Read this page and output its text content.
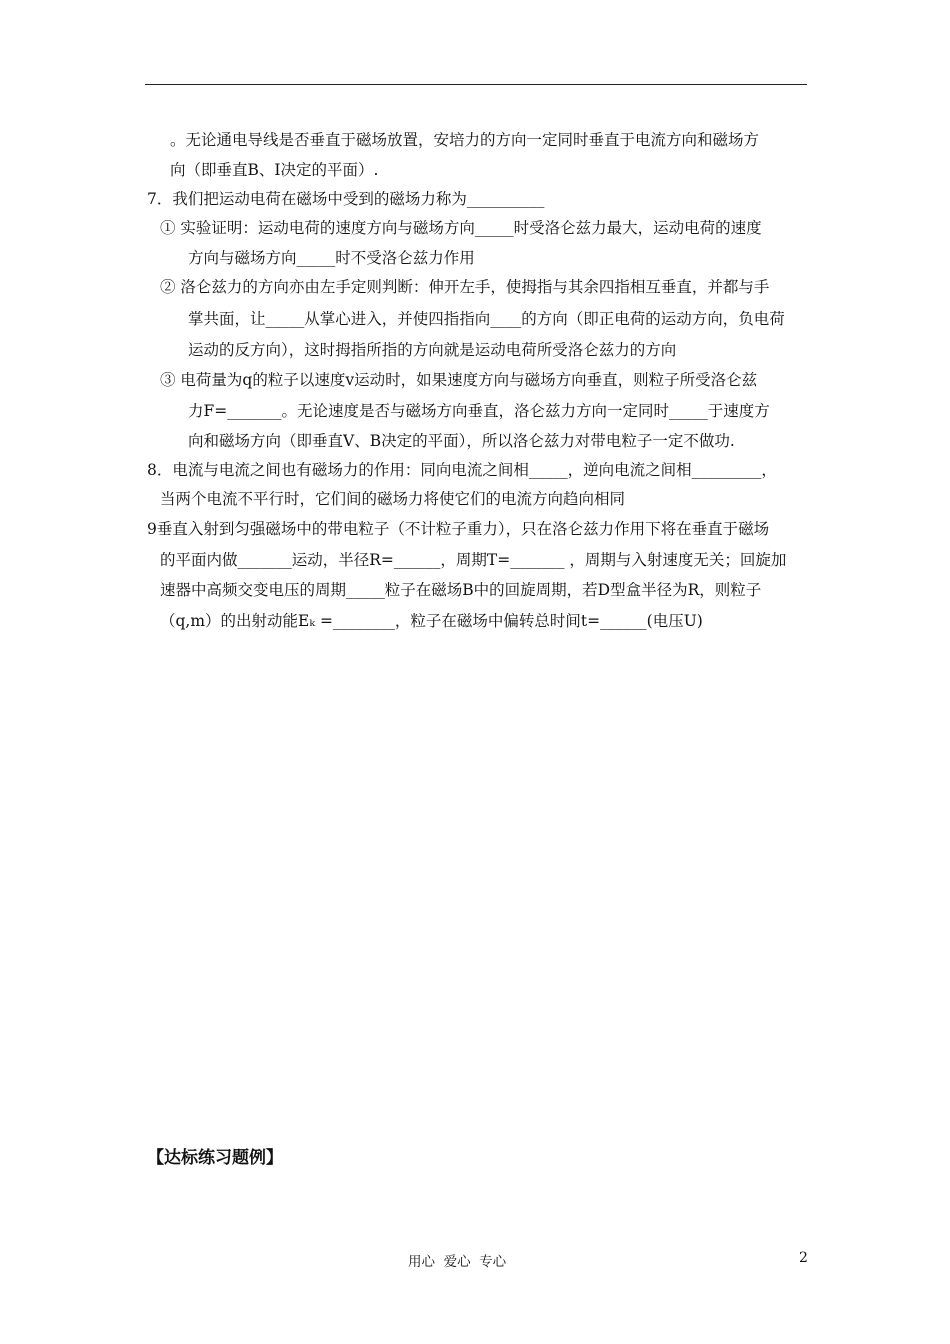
。无论通电导线是否垂直于磁场放置，安培力的方向一定同时垂直于电流方向和磁场方
向（即垂直B、I决定的平面）.
7．我们把运动电荷在磁场中受到的磁场力称为__________
① 实验证明：运动电荷的速度方向与磁场方向_____时受洛仑兹力最大，运动电荷的速度
方向与磁场方向_____时不受洛仑兹力作用
② 洛仑兹力的方向亦由左手定则判断：伸开左手，使拇指与其余四指相互垂直，并都与手
掌共面，让_____从掌心进入，并使四指指向____的方向（即正电荷的运动方向，负电荷
运动的反方向），这时拇指所指的方向就是运动电荷所受洛仑兹力的方向
③ 电荷量为q的粒子以速度v运动时，如果速度方向与磁场方向垂直，则粒子所受洛仑兹
力F=_______。无论速度是否与磁场方向垂直，洛仑兹力方向一定同时_____于速度方
向和磁场方向（即垂直V、B决定的平面），所以洛仑兹力对带电粒子一定不做功.
8．电流与电流之间也有磁场力的作用：同向电流之间相_____，逆向电流之间相_________，
当两个电流不平行时，它们间的磁场力将使它们的电流方向趋向相同
9垂直入射到匀强磁场中的带电粒子（不计粒子重力），只在洛仑兹力作用下将在垂直于磁场
的平面内做_______运动，半径R=______，周期T=_______ ，周期与入射速度无关；回旋加
速器中高频交变电压的周期_____粒子在磁场B中的回旋周期，若D型盒半径为R，则粒子
（q,m）的出射动能Eₖ =________，粒子在磁场中偏转总时间t=______(电压U)
【达标练习题例】
用心  爱心  专心	2
